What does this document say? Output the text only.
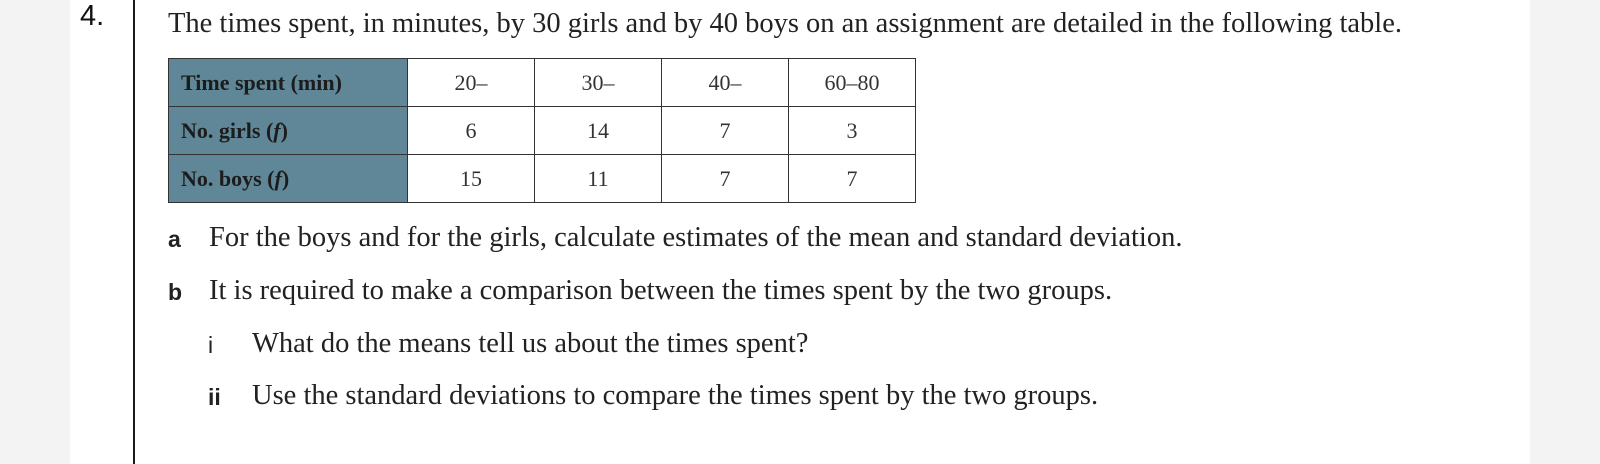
4. The times spent, in minutes, by 30 girls and by 40 boys on an assignment are detailed in the following table.
Time spent (min)	20–	30–	40–	60–80
No. girls (f)	6	14	7	3
No. boys (f)	15	11	7	7
a For the boys and for the girls, calculate estimates of the mean and standard deviation.
b It is required to make a comparison between the times spent by the two groups.
i What do the means tell us about the times spent?
ii Use the standard deviations to compare the times spent by the two groups.
